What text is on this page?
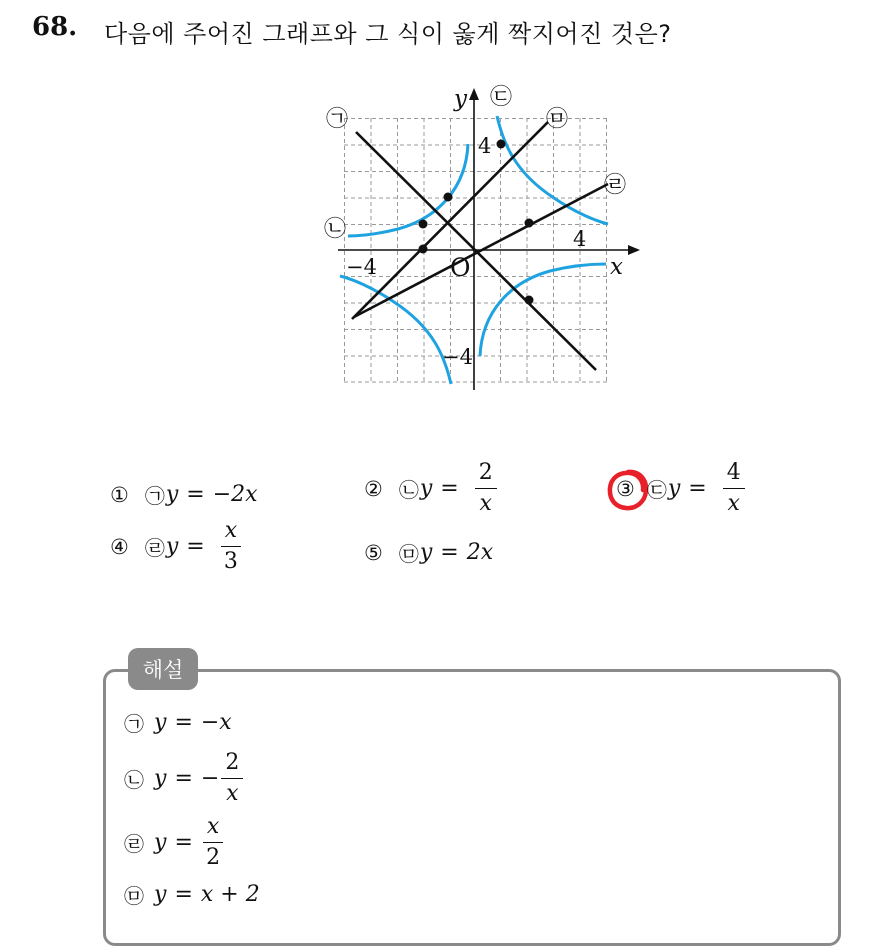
68. 다음에 주어진 그래프와 그 식이 옳게 짝지어진 것은?
−4
4
4
−4
O	x
y
㉠
㉡
㉢
㉣
㉤
① ㉠ y = −2x	② ㉡ $y = \frac{2}{x}$	③ ㉢ $y = \frac{4}{x}$
④ ㉣ $y = \frac{x}{3}$	⑤ ㉤ y = 2x
해설
㉠ y = −x
㉡ y = − $\frac{2}{x}$
㉣ $y = \frac{x}{2}$
㉤ y = x + 2
